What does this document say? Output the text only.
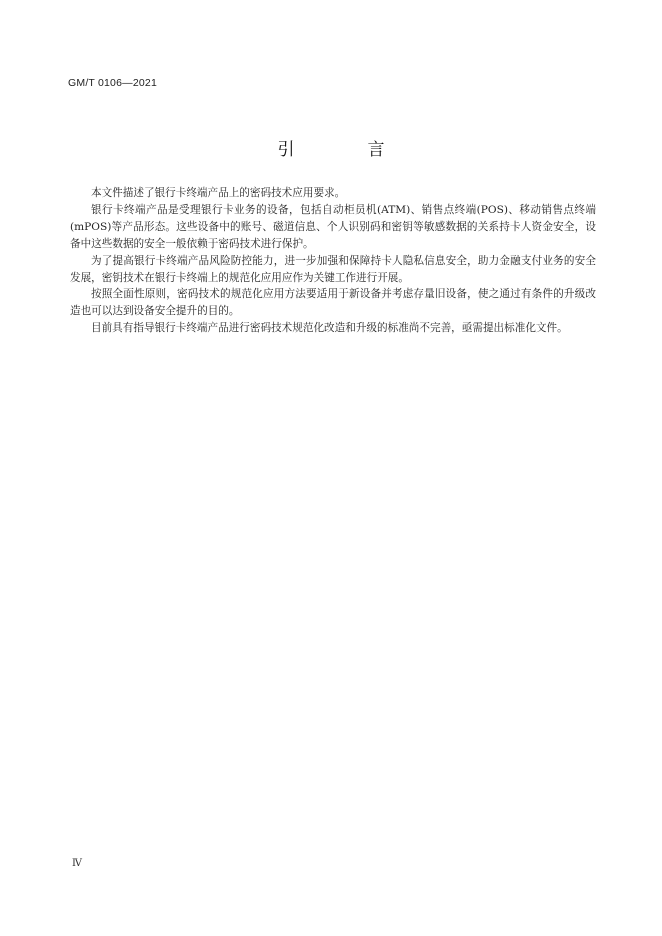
GM/T 0106—2021
引　言

本文件描述了银行卡终端产品上的密码技术应用要求。

银行卡终端产品是受理银行卡业务的设备，包括自动柜员机(ATM)、销售点终端(POS)、移动销售点终端(mPOS)等产品形态。这些设备中的账号、磁道信息、个人识别码和密钥等敏感数据的关系持卡人资金安全，设备中这些数据的安全一般依赖于密码技术进行保护。

为了提高银行卡终端产品风险防控能力，进一步加强和保障持卡人隐私信息安全，助力金融支付业务的安全发展，密钥技术在银行卡终端上的规范化应用应作为关键工作进行开展。

按照全面性原则，密码技术的规范化应用方法要适用于新设备并考虑存量旧设备，使之通过有条件的升级改造也可以达到设备安全提升的目的。

目前具有指导银行卡终端产品进行密码技术规范化改造和升级的标准尚不完善，亟需提出标准化文件。

Ⅳ
